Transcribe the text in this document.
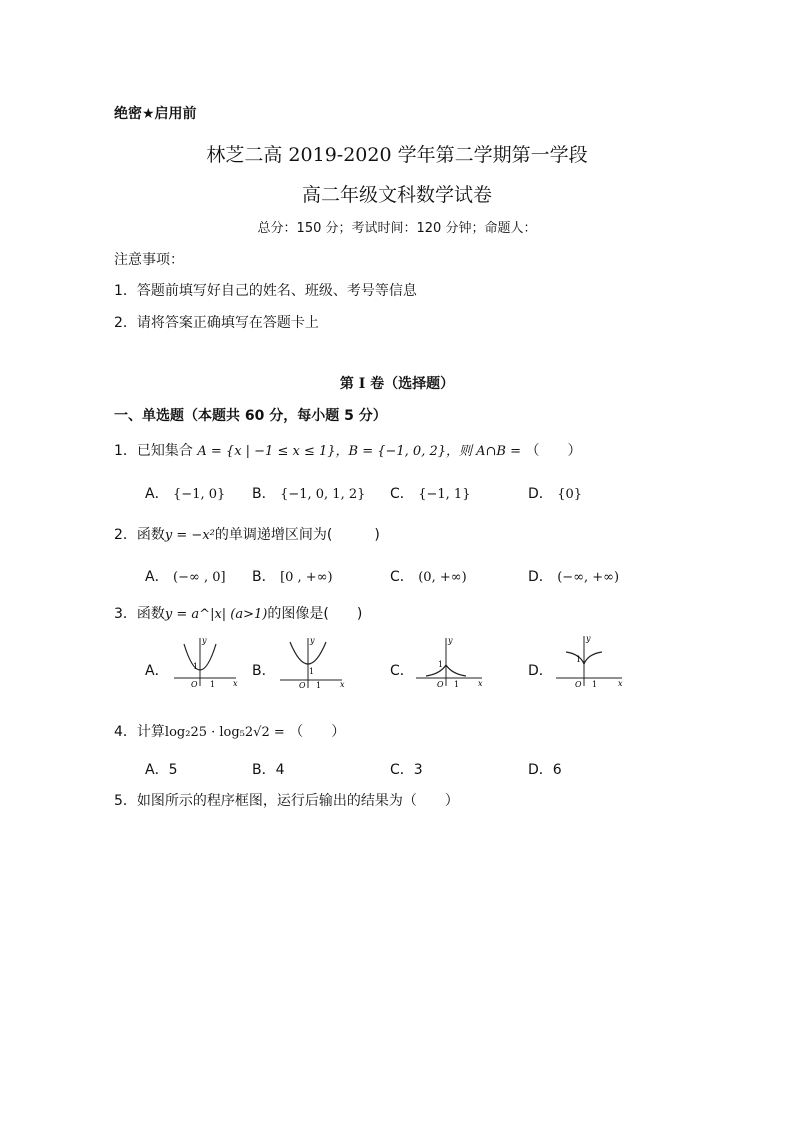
绝密★启用前
林芝二高 2019-2020 学年第二学期第一学段
高二年级文科数学试卷
总分：150 分；考试时间：120 分钟；命题人：
注意事项：
1．答题前填写好自己的姓名、班级、考号等信息
2．请将答案正确填写在答题卡上
第 I 卷（选择题）
一、单选题（本题共 60 分，每小题 5 分）
1．已知集合 A = {x | −1 ≤ x ≤ 1}，B = {−1, 0, 2}，则 A∩B = （　　）
A． {−1, 0} B． {−1, 0, 1, 2} C． {−1, 1}	D． {0}
2．函数y = −x²的单调递增区间为(　　　)
A． (−∞ , 0] B． [0 , +∞)	C． (0, +∞)	D． (−∞, +∞)
3．函数y = a^|x| (a>1)的图像是(　　)
A．
y
x
O 1
1	B．
y
x
O 1
1	C．
y
x
O 1
1	D．
y
x
O 1
1
4．计算log₂25 · log₅2√2 = （　　）
A．5	B．4	C．3	D．6
5．如图所示的程序框图，运行后输出的结果为（　　）
